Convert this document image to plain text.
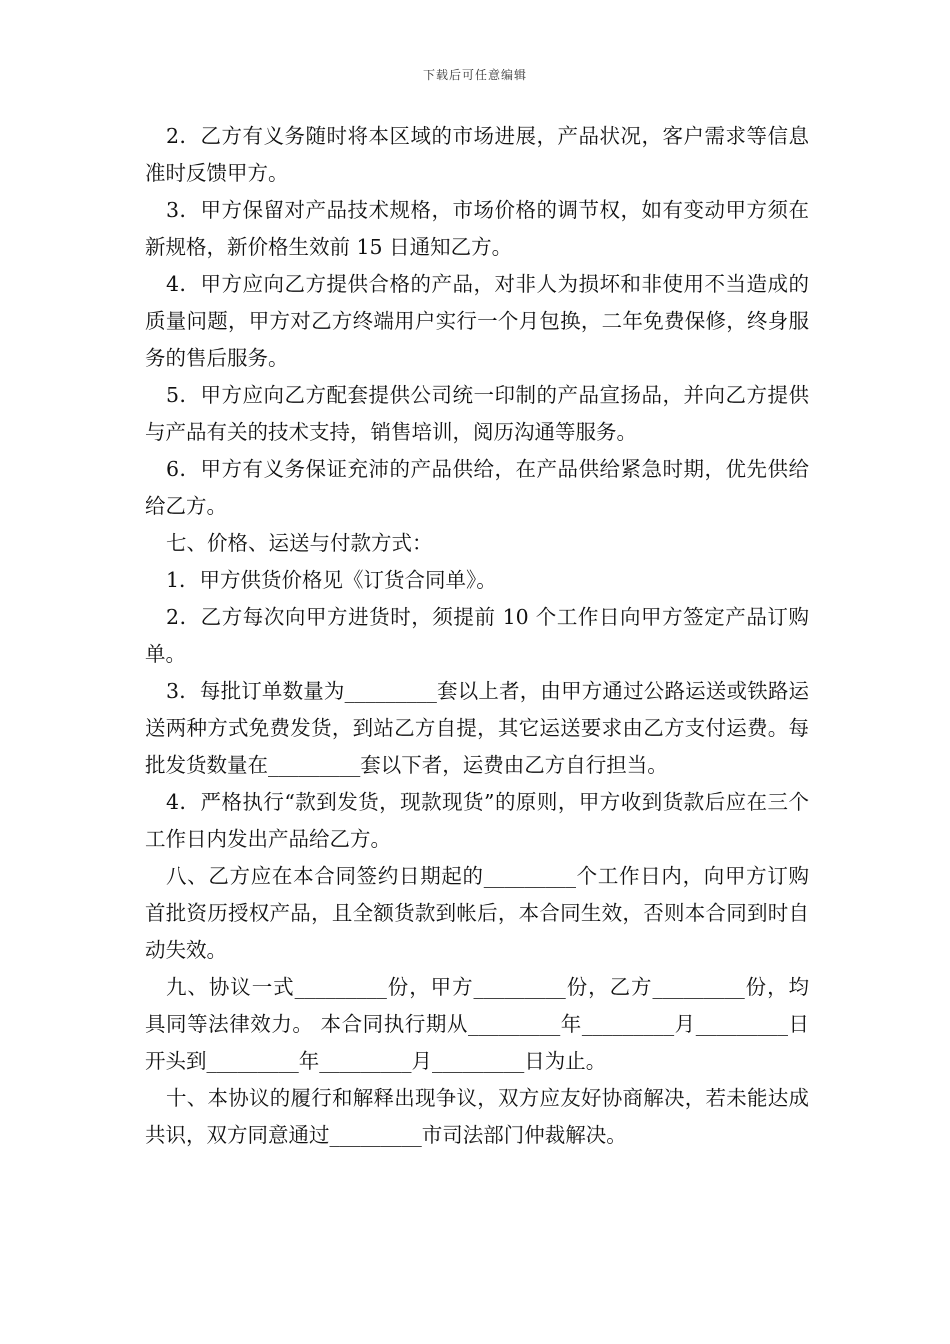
下载后可任意编辑

2．乙方有义务随时将本区域的市场进展，产品状况，客户需求等信息准时反馈甲方。

3．甲方保留对产品技术规格，市场价格的调节权，如有变动甲方须在新规格，新价格生效前 15 日通知乙方。

4．甲方应向乙方提供合格的产品，对非人为损坏和非使用不当造成的质量问题，甲方对乙方终端用户实行一个月包换，二年免费保修，终身服务的售后服务。

5．甲方应向乙方配套提供公司统一印制的产品宣扬品，并向乙方提供与产品有关的技术支持，销售培训，阅历沟通等服务。

6．甲方有义务保证充沛的产品供给，在产品供给紧急时期，优先供给给乙方。

七、价格、运送与付款方式：

1．甲方供货价格见《订货合同单》。

2．乙方每次向甲方进货时，须提前 10 个工作日向甲方签定产品订购单。

3．每批订单数量为_________套以上者，由甲方通过公路运送或铁路运送两种方式免费发货，到站乙方自提，其它运送要求由乙方支付运费。每批发货数量在_________套以下者，运费由乙方自行担当。

4．严格执行“款到发货，现款现货”的原则，甲方收到货款后应在三个工作日内发出产品给乙方。

八、乙方应在本合同签约日期起的_________个工作日内，向甲方订购首批资历授权产品，且全额货款到帐后，本合同生效，否则本合同到时自动失效。

九、协议一式_________份，甲方_________份，乙方_________份，均具同等法律效力。 本合同执行期从_________年_________月_________日开头到_________年_________月_________日为止。

十、本协议的履行和解释出现争议，双方应友好协商解决，若未能达成共识，双方同意通过_________市司法部门仲裁解决。
